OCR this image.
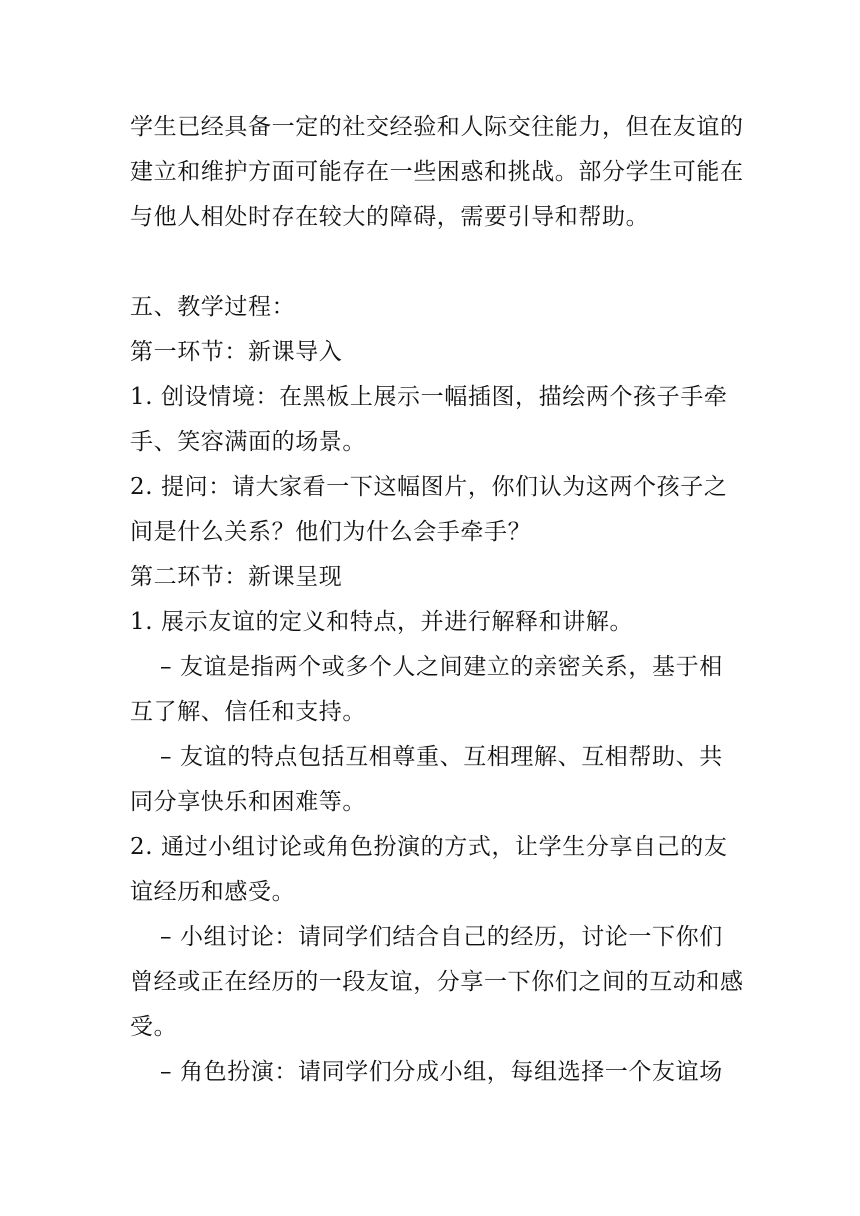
学生已经具备一定的社交经验和人际交往能力，但在友谊的
建立和维护方面可能存在一些困惑和挑战。部分学生可能在
与他人相处时存在较大的障碍，需要引导和帮助。
五、教学过程：
第一环节：新课导入
1. 创设情境：在黑板上展示一幅插图，描绘两个孩子手牵
手、笑容满面的场景。
2. 提问：请大家看一下这幅图片，你们认为这两个孩子之
间是什么关系？他们为什么会手牵手？
第二环节：新课呈现
1. 展示友谊的定义和特点，并进行解释和讲解。
– 友谊是指两个或多个人之间建立的亲密关系，基于相
互了解、信任和支持。
– 友谊的特点包括互相尊重、互相理解、互相帮助、共
同分享快乐和困难等。
2. 通过小组讨论或角色扮演的方式，让学生分享自己的友
谊经历和感受。
– 小组讨论：请同学们结合自己的经历，讨论一下你们
曾经或正在经历的一段友谊，分享一下你们之间的互动和感
受。
– 角色扮演：请同学们分成小组，每组选择一个友谊场
